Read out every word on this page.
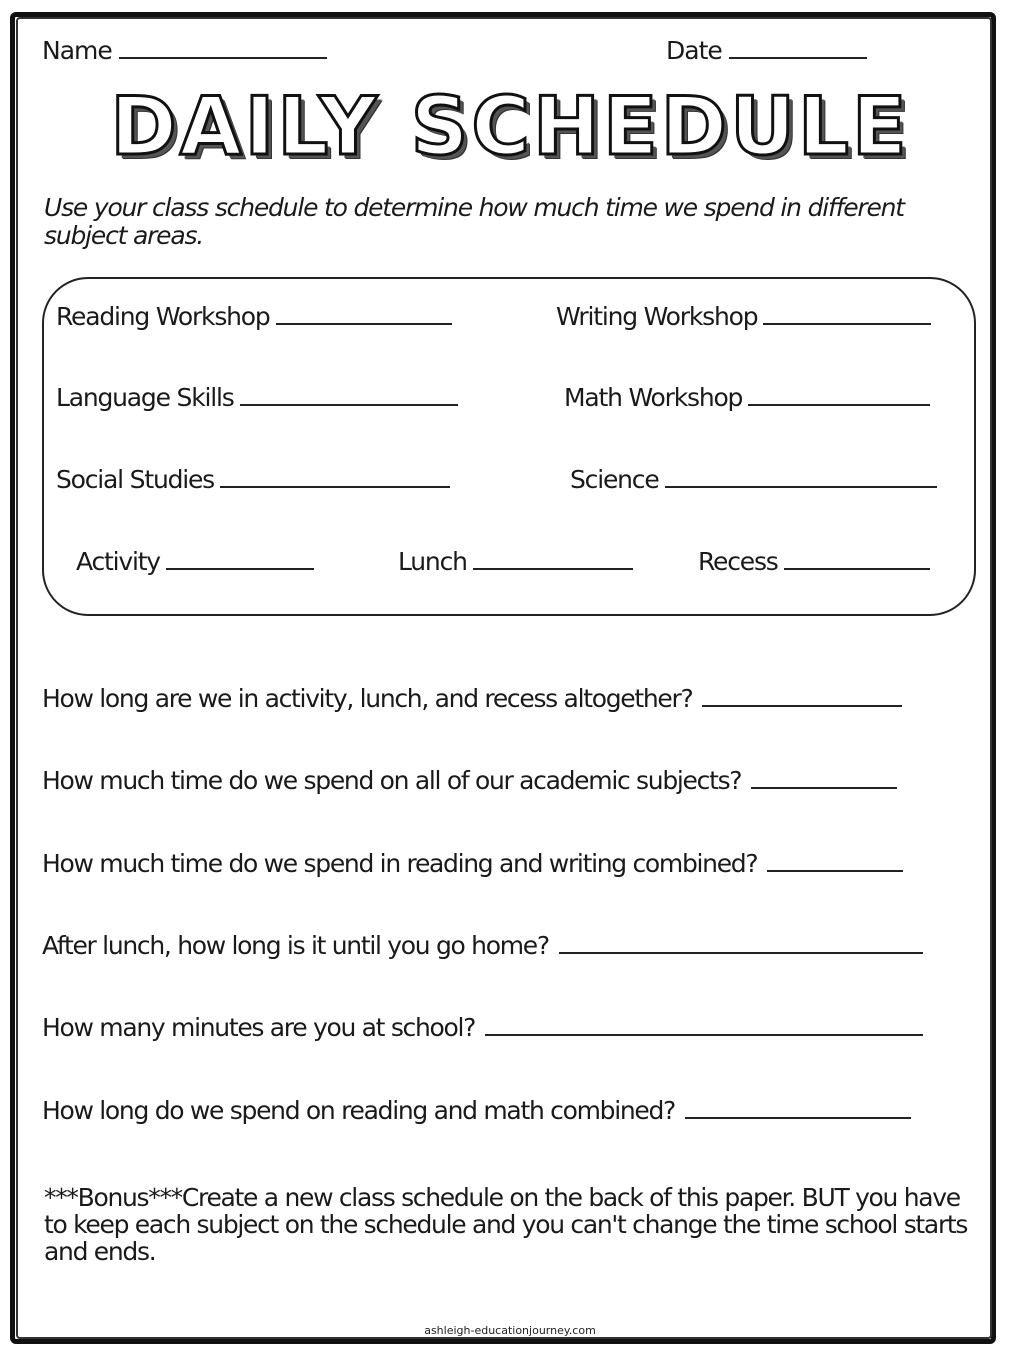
Name	Date
DAILY SCHEDULE
Use your class schedule to determine how much time we spend in different subject areas.
Reading Workshop	Writing Workshop
Language Skills	Math Workshop
Social Studies	Science
Activity	Lunch	Recess
How long are we in activity, lunch, and recess altogether?
How much time do we spend on all of our academic subjects?
How much time do we spend in reading and writing combined?
After lunch, how long is it until you go home?
How many minutes are you at school?
How long do we spend on reading and math combined?
***Bonus***Create a new class schedule on the back of this paper. BUT you have to keep each subject on the schedule and you can't change the time school starts and ends.
ashleigh-educationjourney.com
